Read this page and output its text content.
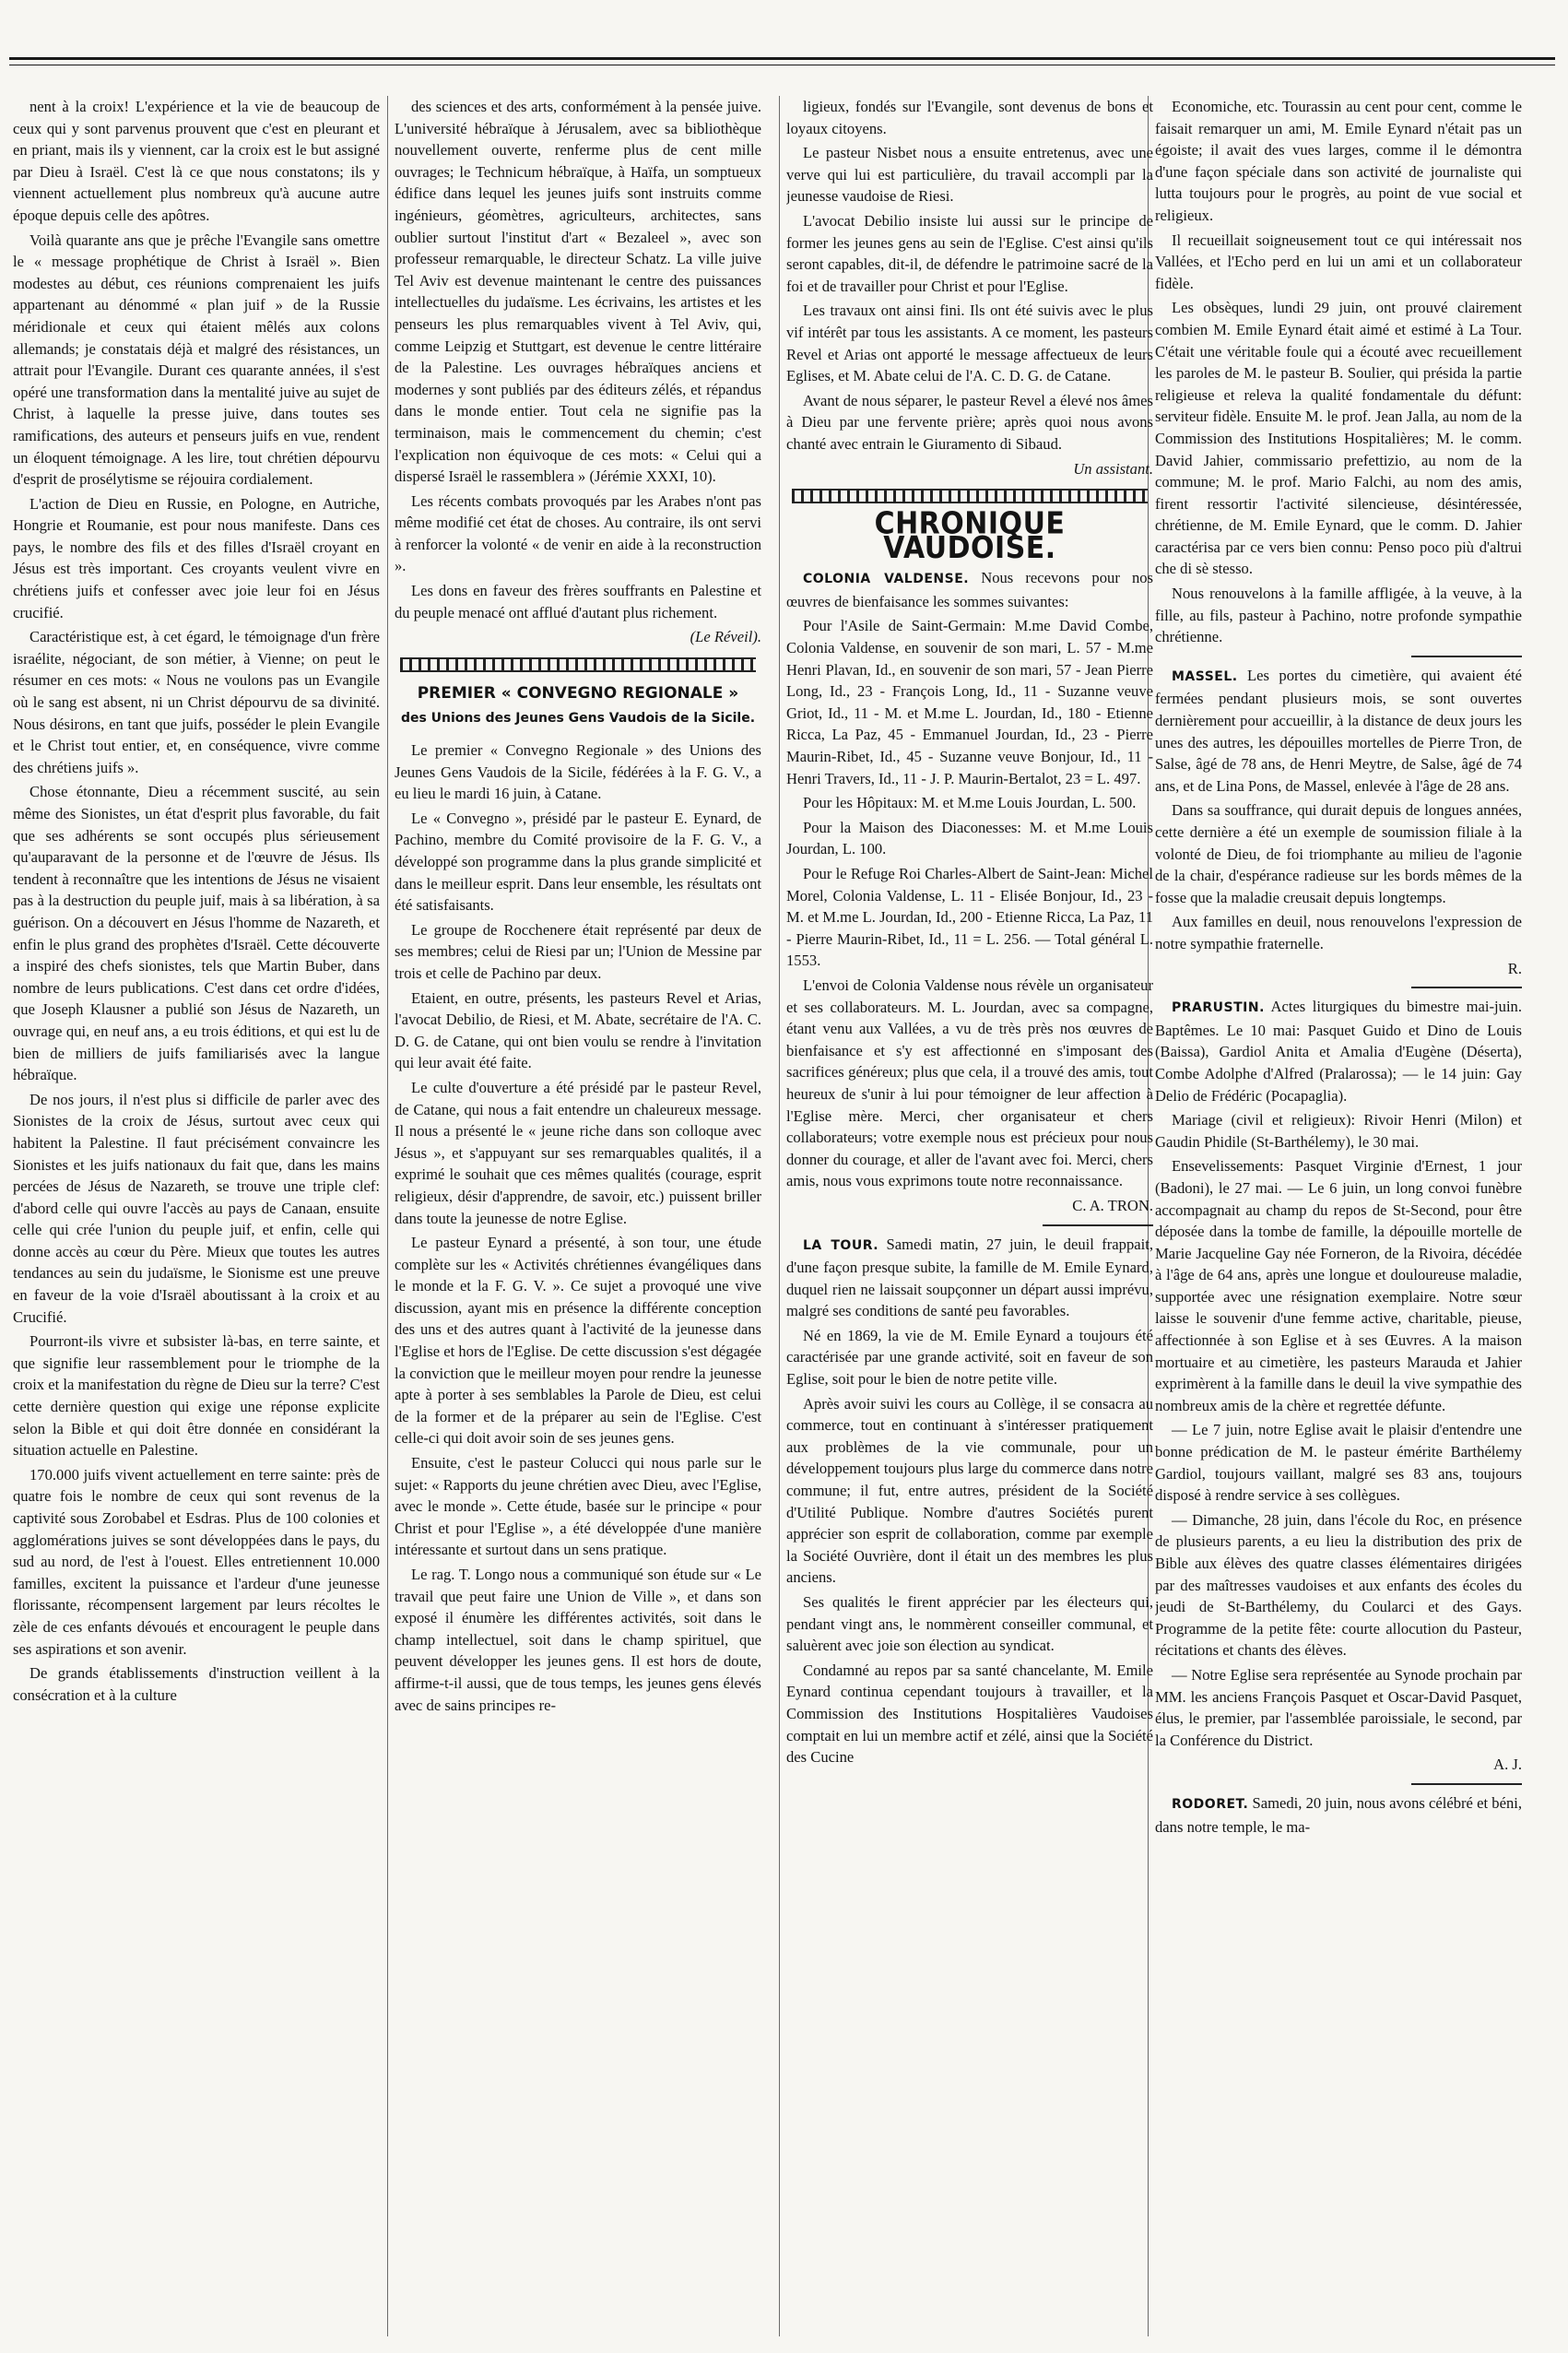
nent à la croix! L'expérience et la vie de beaucoup de ceux qui y sont parvenus prouvent que c'est en pleurant et en priant, mais ils y viennent, car la croix est le but assigné par Dieu à Israël. C'est là ce que nous constatons; ils y viennent actuellement plus nombreux qu'à aucune autre époque depuis celle des apôtres.

Voilà quarante ans que je prêche l'Evangile sans omettre le « message prophétique de Christ à Israël ». Bien modestes au début, ces réunions comprenaient les juifs appartenant au dénommé « plan juif » de la Russie méridionale et ceux qui étaient mêlés aux colons allemands; je constatais déjà et malgré des résistances, un attrait pour l'Evangile. Durant ces quarante années, il s'est opéré une transformation dans la mentalité juive au sujet de Christ, à laquelle la presse juive, dans toutes ses ramifications, des auteurs et penseurs juifs en vue, rendent un éloquent témoignage. A les lire, tout chrétien dépourvu d'esprit de prosélytisme se réjouira cordialement.

L'action de Dieu en Russie, en Pologne, en Autriche, Hongrie et Roumanie, est pour nous manifeste. Dans ces pays, le nombre des fils et des filles d'Israël croyant en Jésus est très important. Ces croyants veulent vivre en chrétiens juifs et confesser avec joie leur foi en Jésus crucifié.

Caractéristique est, à cet égard, le témoignage d'un frère israélite, négociant, de son métier, à Vienne; on peut le résumer en ces mots: « Nous ne voulons pas un Evangile où le sang est absent, ni un Christ dépourvu de sa divinité. Nous désirons, en tant que juifs, posséder le plein Evangile et le Christ tout entier, et, en conséquence, vivre comme des chrétiens juifs ».

Chose étonnante, Dieu a récemment suscité, au sein même des Sionistes, un état d'esprit plus favorable, du fait que ses adhérents se sont occupés plus sérieusement qu'auparavant de la personne et de l'œuvre de Jésus. Ils tendent à reconnaître que les intentions de Jésus ne visaient pas à la destruction du peuple juif, mais à sa libération, à sa guérison. On a découvert en Jésus l'homme de Nazareth, et enfin le plus grand des prophètes d'Israël. Cette découverte a inspiré des chefs sionistes, tels que Martin Buber, dans nombre de leurs publications. C'est dans cet ordre d'idées, que Joseph Klausner a publié son Jésus de Nazareth, un ouvrage qui, en neuf ans, a eu trois éditions, et qui est lu de bien de milliers de juifs familiarisés avec la langue hébraïque.

De nos jours, il n'est plus si difficile de parler avec des Sionistes de la croix de Jésus, surtout avec ceux qui habitent la Palestine. Il faut précisément convaincre les Sionistes et les juifs nationaux du fait que, dans les mains percées de Jésus de Nazareth, se trouve une triple clef: d'abord celle qui ouvre l'accès au pays de Canaan, ensuite celle qui crée l'union du peuple juif, et enfin, celle qui donne accès au cœur du Père. Mieux que toutes les autres tendances au sein du judaïsme, le Sionisme est une preuve en faveur de la voie d'Israël aboutissant à la croix et au Crucifié.

Pourront-ils vivre et subsister là-bas, en terre sainte, et que signifie leur rassemblement pour le triomphe de la croix et la manifestation du règne de Dieu sur la terre? C'est cette dernière question qui exige une réponse explicite selon la Bible et qui doit être donnée en considérant la situation actuelle en Palestine.

170.000 juifs vivent actuellement en terre sainte: près de quatre fois le nombre de ceux qui sont revenus de la captivité sous Zorobabel et Esdras. Plus de 100 colonies et agglomérations juives se sont développées dans le pays, du sud au nord, de l'est à l'ouest. Elles entretiennent 10.000 familles, excitent la puissance et l'ardeur d'une jeunesse florissante, récompensent largement par leurs récoltes le zèle de ces enfants dévoués et encouragent le peuple dans ses aspirations et son avenir.

De grands établissements d'instruction veillent à la consécration et à la culture

des sciences et des arts, conformément à la pensée juive. L'université hébraïque à Jérusalem, avec sa bibliothèque nouvellement ouverte, renferme plus de cent mille ouvrages; le Technicum hébraïque, à Haïfa, un somptueux édifice dans lequel les jeunes juifs sont instruits comme ingénieurs, géomètres, agriculteurs, architectes, sans oublier surtout l'institut d'art « Bezaleel », avec son professeur remarquable, le directeur Schatz. La ville juive Tel Aviv est devenue maintenant le centre des puissances intellectuelles du judaïsme. Les écrivains, les artistes et les penseurs les plus remarquables vivent à Tel Aviv, qui, comme Leipzig et Stuttgart, est devenue le centre littéraire de la Palestine. Les ouvrages hébraïques anciens et modernes y sont publiés par des éditeurs zélés, et répandus dans le monde entier. Tout cela ne signifie pas la terminaison, mais le commencement du chemin; c'est l'explication non équivoque de ces mots: « Celui qui a dispersé Israël le rassemblera » (Jérémie XXXI, 10).

Les récents combats provoqués par les Arabes n'ont pas même modifié cet état de choses. Au contraire, ils ont servi à renforcer la volonté « de venir en aide à la reconstruction ».

Les dons en faveur des frères souffrants en Palestine et du peuple menacé ont afflué d'autant plus richement.

(Le Réveil).

PREMIER « CONVEGNO REGIONALE »
des Unions des Jeunes Gens Vaudois de la Sicile.

Le premier « Convegno Regionale » des Unions des Jeunes Gens Vaudois de la Sicile, fédérées à la F. G. V., a eu lieu le mardi 16 juin, à Catane.

Le « Convegno », présidé par le pasteur E. Eynard, de Pachino, membre du Comité provisoire de la F. G. V., a développé son programme dans la plus grande simplicité et dans le meilleur esprit. Dans leur ensemble, les résultats ont été satisfaisants.

Le groupe de Rocchenere était représenté par deux de ses membres; celui de Riesi par un; l'Union de Messine par trois et celle de Pachino par deux.

Etaient, en outre, présents, les pasteurs Revel et Arias, l'avocat Debilio, de Riesi, et M. Abate, secrétaire de l'A. C. D. G. de Catane, qui ont bien voulu se rendre à l'invitation qui leur avait été faite.

Le culte d'ouverture a été présidé par le pasteur Revel, de Catane, qui nous a fait entendre un chaleureux message. Il nous a présenté le « jeune riche dans son colloque avec Jésus », et s'appuyant sur ses remarquables qualités, il a exprimé le souhait que ces mêmes qualités (courage, esprit religieux, désir d'apprendre, de savoir, etc.) puissent briller dans toute la jeunesse de notre Eglise.

Le pasteur Eynard a présenté, à son tour, une étude complète sur les « Activités chrétiennes évangéliques dans le monde et la F. G. V. ». Ce sujet a provoqué une vive discussion, ayant mis en présence la différente conception des uns et des autres quant à l'activité de la jeunesse dans l'Eglise et hors de l'Eglise. De cette discussion s'est dégagée la conviction que le meilleur moyen pour rendre la jeunesse apte à porter à ses semblables la Parole de Dieu, est celui de la former et de la préparer au sein de l'Eglise. C'est celle-ci qui doit avoir soin de ses jeunes gens.

Ensuite, c'est le pasteur Colucci qui nous parle sur le sujet: « Rapports du jeune chrétien avec Dieu, avec l'Eglise, avec le monde ». Cette étude, basée sur le principe « pour Christ et pour l'Eglise », a été développée d'une manière intéressante et surtout dans un sens pratique.

Le rag. T. Longo nous a communiqué son étude sur « Le travail que peut faire une Union de Ville », et dans son exposé il énumère les différentes activités, soit dans le champ intellectuel, soit dans le champ spirituel, que peuvent développer les jeunes gens. Il est hors de doute, affirme-t-il aussi, que de tous temps, les jeunes gens élevés avec de sains principes re-

ligieux, fondés sur l'Evangile, sont devenus de bons et loyaux citoyens.

Le pasteur Nisbet nous a ensuite entretenus, avec une verve qui lui est particulière, du travail accompli par la jeunesse vaudoise de Riesi.

L'avocat Debilio insiste lui aussi sur le principe de former les jeunes gens au sein de l'Eglise. C'est ainsi qu'ils seront capables, dit-il, de défendre le patrimoine sacré de la foi et de travailler pour Christ et pour l'Eglise.

Les travaux ont ainsi fini. Ils ont été suivis avec le plus vif intérêt par tous les assistants. A ce moment, les pasteurs Revel et Arias ont apporté le message affectueux de leurs Eglises, et M. Abate celui de l'A. C. D. G. de Catane.

Avant de nous séparer, le pasteur Revel a élevé nos âmes à Dieu par une fervente prière; après quoi nous avons chanté avec entrain le Giuramento di Sibaud.

Un assistant.

CHRONIQUE VAUDOISE.

COLONIA VALDENSE. Nous recevons pour nos œuvres de bienfaisance les sommes suivantes:

Pour l'Asile de Saint-Germain: M.me David Combe, Colonia Valdense, en souvenir de son mari, L. 57 - M.me Henri Plavan, Id., en souvenir de son mari, 57 - Jean Pierre Long, Id., 23 - François Long, Id., 11 - Suzanne veuve Griot, Id., 11 - M. et M.me L. Jourdan, Id., 180 - Etienne Ricca, La Paz, 45 - Emmanuel Jourdan, Id., 23 - Pierre Maurin-Ribet, Id., 45 - Suzanne veuve Bonjour, Id., 11 - Henri Travers, Id., 11 - J. P. Maurin-Bertalot, 23 = L. 497.

Pour les Hôpitaux: M. et M.me Louis Jourdan, L. 500.

Pour la Maison des Diaconesses: M. et M.me Louis Jourdan, L. 100.

Pour le Refuge Roi Charles-Albert de Saint-Jean: Michel Morel, Colonia Valdense, L. 11 - Elisée Bonjour, Id., 23 - M. et M.me L. Jourdan, Id., 200 - Etienne Ricca, La Paz, 11 - Pierre Maurin-Ribet, Id., 11 = L. 256. — Total général L. 1553.

L'envoi de Colonia Valdense nous révèle un organisateur et ses collaborateurs. M. L. Jourdan, avec sa compagne, étant venu aux Vallées, a vu de très près nos œuvres de bienfaisance et s'y est affectionné en s'imposant des sacrifices généreux; plus que cela, il a trouvé des amis, tout heureux de s'unir à lui pour témoigner de leur affection à l'Eglise mère. Merci, cher organisateur et chers collaborateurs; votre exemple nous est précieux pour nous donner du courage, et aller de l'avant avec foi. Merci, chers amis, nous vous exprimons toute notre reconnaissance.

C. A. TRON.

LA TOUR. Samedi matin, 27 juin, le deuil frappait, d'une façon presque subite, la famille de M. Emile Eynard, duquel rien ne laissait soupçonner un départ aussi imprévu, malgré ses conditions de santé peu favorables.

Né en 1869, la vie de M. Emile Eynard a toujours été caractérisée par une grande activité, soit en faveur de son Eglise, soit pour le bien de notre petite ville.

Après avoir suivi les cours au Collège, il se consacra au commerce, tout en continuant à s'intéresser pratiquement aux problèmes de la vie communale, pour un développement toujours plus large du commerce dans notre commune; il fut, entre autres, président de la Société d'Utilité Publique. Nombre d'autres Sociétés purent apprécier son esprit de collaboration, comme par exemple la Société Ouvrière, dont il était un des membres les plus anciens.

Ses qualités le firent apprécier par les électeurs qui, pendant vingt ans, le nommèrent conseiller communal, et saluèrent avec joie son élection au syndicat.

Condamné au repos par sa santé chancelante, M. Emile Eynard continua cependant toujours à travailler, et la Commission des Institutions Hospitalières Vaudoises comptait en lui un membre actif et zélé, ainsi que la Société des Cucine

Economiche, etc. Tourassin au cent pour cent, comme le faisait remarquer un ami, M. Emile Eynard n'était pas un égoiste; il avait des vues larges, comme il le démontra d'une façon spéciale dans son activité de journaliste qui lutta toujours pour le progrès, au point de vue social et religieux.

Il recueillait soigneusement tout ce qui intéressait nos Vallées, et l'Echo perd en lui un ami et un collaborateur fidèle.

Les obsèques, lundi 29 juin, ont prouvé clairement combien M. Emile Eynard était aimé et estimé à La Tour. C'était une véritable foule qui a écouté avec recueillement les paroles de M. le pasteur B. Soulier, qui présida la partie religieuse et releva la qualité fondamentale du défunt: serviteur fidèle. Ensuite M. le prof. Jean Jalla, au nom de la Commission des Institutions Hospitalières; M. le comm. David Jahier, commissario prefettizio, au nom de la commune; M. le prof. Mario Falchi, au nom des amis, firent ressortir l'activité silencieuse, désintéressée, chrétienne, de M. Emile Eynard, que le comm. D. Jahier caractérisa par ce vers bien connu: Penso poco più d'altrui che di sè stesso.

Nous renouvelons à la famille affligée, à la veuve, à la fille, au fils, pasteur à Pachino, notre profonde sympathie chrétienne.

MASSEL. Les portes du cimetière, qui avaient été fermées pendant plusieurs mois, se sont ouvertes dernièrement pour accueillir, à la distance de deux jours les unes des autres, les dépouilles mortelles de Pierre Tron, de Salse, âgé de 78 ans, de Henri Meytre, de Salse, âgé de 74 ans, et de Lina Pons, de Massel, enlevée à l'âge de 28 ans.

Dans sa souffrance, qui durait depuis de longues années, cette dernière a été un exemple de soumission filiale à la volonté de Dieu, de foi triomphante au milieu de l'agonie de la chair, d'espérance radieuse sur les bords mêmes de la fosse que la maladie creusait depuis longtemps.

Aux familles en deuil, nous renouvelons l'expression de notre sympathie fraternelle.

R.

PRARUSTIN. Actes liturgiques du bimestre mai-juin. Baptêmes. Le 10 mai: Pasquet Guido et Dino de Louis (Baissa), Gardiol Anita et Amalia d'Eugène (Déserta), Combe Adolphe d'Alfred (Pralarossa); — le 14 juin: Gay Delio de Frédéric (Pocapaglia).

Mariage (civil et religieux): Rivoir Henri (Milon) et Gaudin Phidile (St-Barthélemy), le 30 mai.

Ensevelissements: Pasquet Virginie d'Ernest, 1 jour (Badoni), le 27 mai. — Le 6 juin, un long convoi funèbre accompagnait au champ du repos de St-Second, pour être déposée dans la tombe de famille, la dépouille mortelle de Marie Jacqueline Gay née Forneron, de la Rivoira, décédée à l'âge de 64 ans, après une longue et douloureuse maladie, supportée avec une résignation exemplaire. Notre sœur laisse le souvenir d'une femme active, charitable, pieuse, affectionnée à son Eglise et à ses Œuvres. A la maison mortuaire et au cimetière, les pasteurs Marauda et Jahier exprimèrent à la famille dans le deuil la vive sympathie des nombreux amis de la chère et regrettée défunte.

— Le 7 juin, notre Eglise avait le plaisir d'entendre une bonne prédication de M. le pasteur émérite Barthélemy Gardiol, toujours vaillant, malgré ses 83 ans, toujours disposé à rendre service à ses collègues.

— Dimanche, 28 juin, dans l'école du Roc, en présence de plusieurs parents, a eu lieu la distribution des prix de Bible aux élèves des quatre classes élémentaires dirigées par des maîtresses vaudoises et aux enfants des écoles du jeudi de St-Barthélemy, du Coularci et des Gays. Programme de la petite fête: courte allocution du Pasteur, récitations et chants des élèves.

— Notre Eglise sera représentée au Synode prochain par MM. les anciens François Pasquet et Oscar-David Pasquet, élus, le premier, par l'assemblée paroissiale, le second, par la Conférence du District.

A. J.

RODORET. Samedi, 20 juin, nous avons célébré et béni, dans notre temple, le ma-
